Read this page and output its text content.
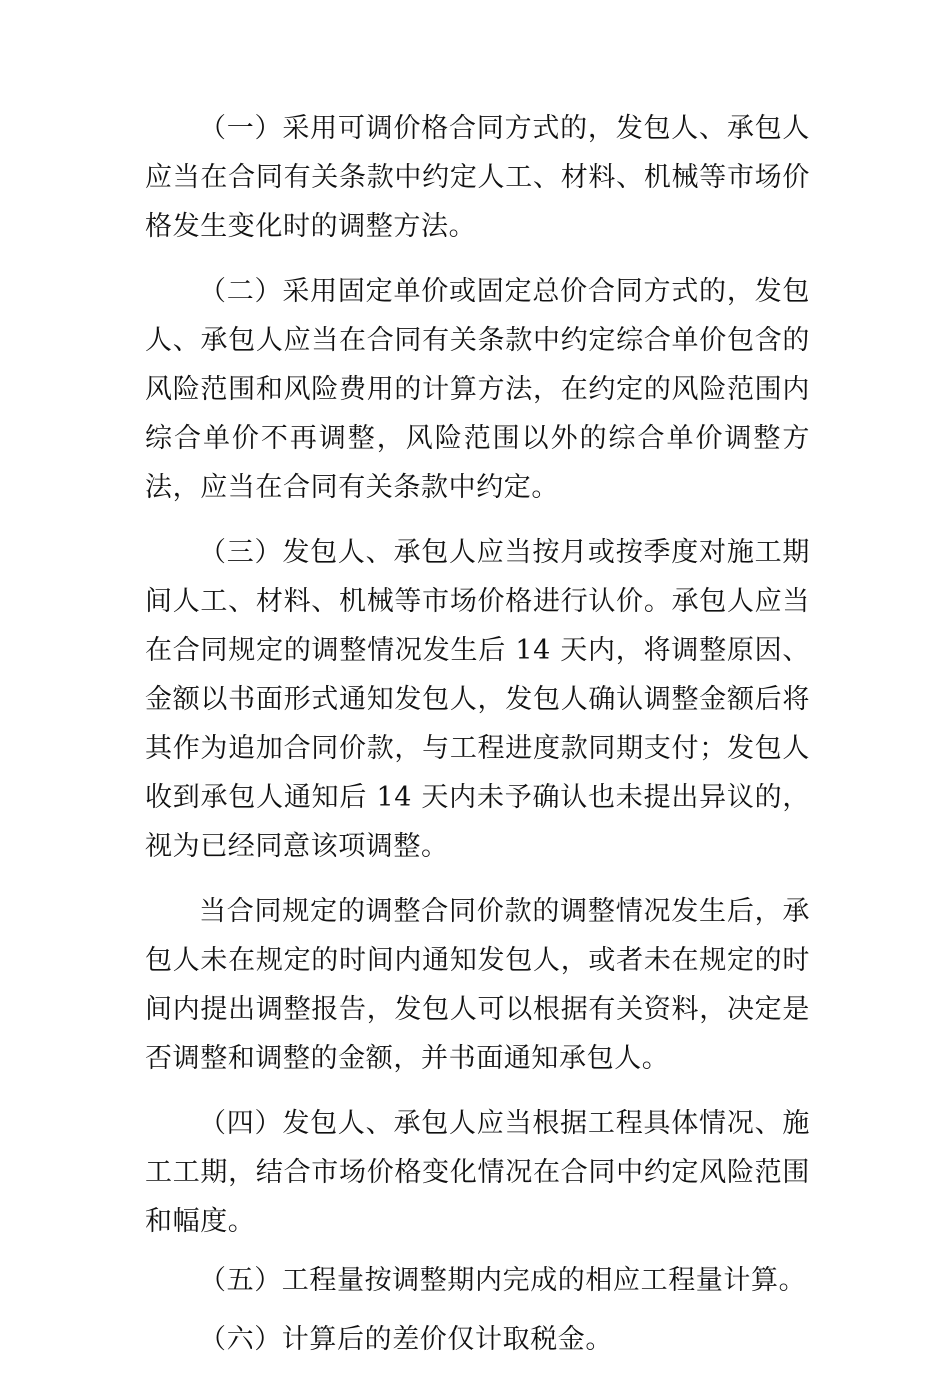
（一）采用可调价格合同方式的，发包人、承包人应当在合同有关条款中约定人工、材料、机械等市场价格发生变化时的调整方法。

（二）采用固定单价或固定总价合同方式的，发包人、承包人应当在合同有关条款中约定综合单价包含的风险范围和风险费用的计算方法，在约定的风险范围内综合单价不再调整，风险范围以外的综合单价调整方法，应当在合同有关条款中约定。

（三）发包人、承包人应当按月或按季度对施工期间人工、材料、机械等市场价格进行认价。承包人应当在合同规定的调整情况发生后 14 天内，将调整原因、金额以书面形式通知发包人，发包人确认调整金额后将其作为追加合同价款，与工程进度款同期支付；发包人收到承包人通知后 14 天内未予确认也未提出异议的，视为已经同意该项调整。

当合同规定的调整合同价款的调整情况发生后，承包人未在规定的时间内通知发包人，或者未在规定的时间内提出调整报告，发包人可以根据有关资料，决定是否调整和调整的金额，并书面通知承包人。

（四）发包人、承包人应当根据工程具体情况、施工工期，结合市场价格变化情况在合同中约定风险范围和幅度。

（五）工程量按调整期内完成的相应工程量计算。

（六）计算后的差价仅计取税金。
